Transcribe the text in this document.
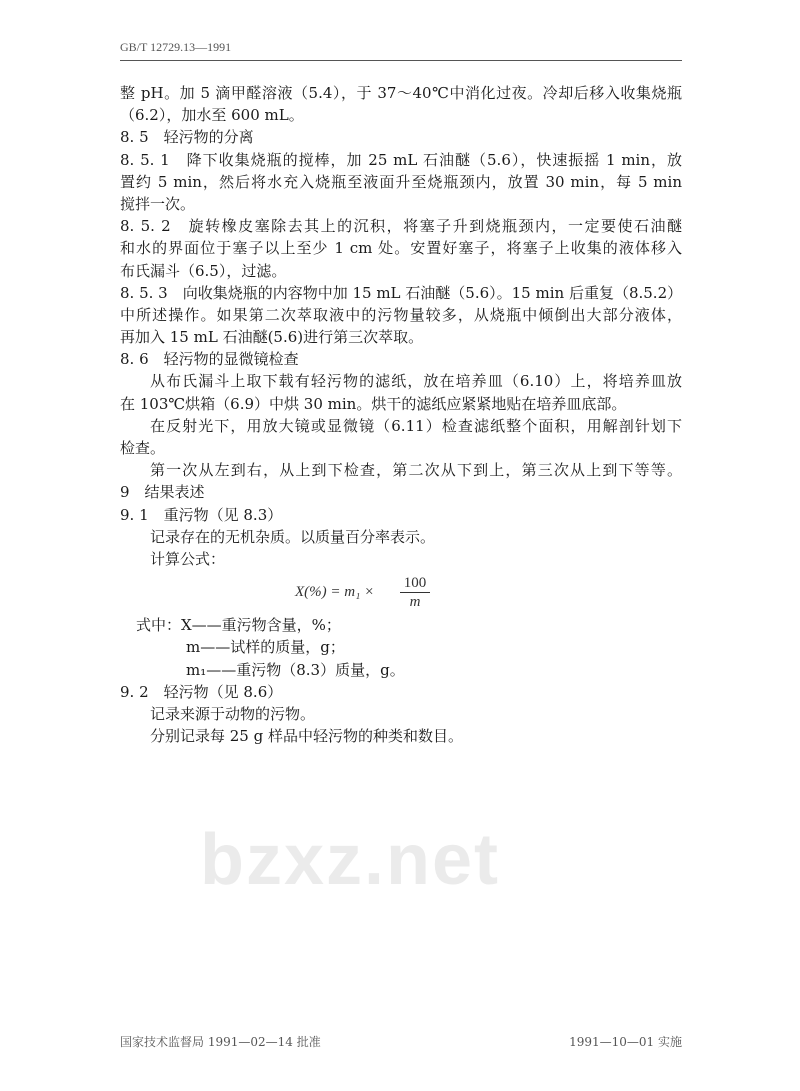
GB/T 12729.13—1991
bzxz.net
整 pH。加 5 滴甲醛溶液（5.4），于 37～40℃中消化过夜。冷却后移入收集烧瓶
（6.2），加水至 600 mL。
8. 5　轻污物的分离
8. 5. 1　降下收集烧瓶的搅棒，加 25 mL 石油醚（5.6），快速振摇 1 min，放
置约 5 min，然后将水充入烧瓶至液面升至烧瓶颈内，放置 30 min，每 5 min
搅拌一次。
8. 5. 2　旋转橡皮塞除去其上的沉积，将塞子升到烧瓶颈内，一定要使石油醚
和水的界面位于塞子以上至少 1 cm 处。安置好塞子，将塞子上收集的液体移入
布氏漏斗（6.5），过滤。
8. 5. 3　向收集烧瓶的内容物中加 15 mL 石油醚（5.6）。15 min 后重复（8.5.2）
中所述操作。如果第二次萃取液中的污物量较多，从烧瓶中倾倒出大部分液体，
再加入 15 mL 石油醚(5.6)进行第三次萃取。
8. 6　轻污物的显微镜检查
从布氏漏斗上取下载有轻污物的滤纸，放在培养皿（6.10）上，将培养皿放
在 103℃烘箱（6.9）中烘 30 min。烘干的滤纸应紧紧地贴在培养皿底部。
在反射光下，用放大镜或显微镜（6.11）检查滤纸整个面积，用解剖针划下
检查。
第一次从左到右，从上到下检查，第二次从下到上，第三次从上到下等等。
9　结果表述
9. 1　重污物（见 8.3）
记录存在的无机杂质。以质量百分率表示。
计算公式：
$X(\%) = m_1 \times \frac{100}{m}$
式中：X——重污物含量，%；
m——试样的质量，g；
m₁——重污物（8.3）质量，g。
9. 2　轻污物（见 8.6）
记录来源于动物的污物。
分别记录每 25 g 样品中轻污物的种类和数目。
国家技术监督局 1991—02—14 批准	1991—10—01 实施
